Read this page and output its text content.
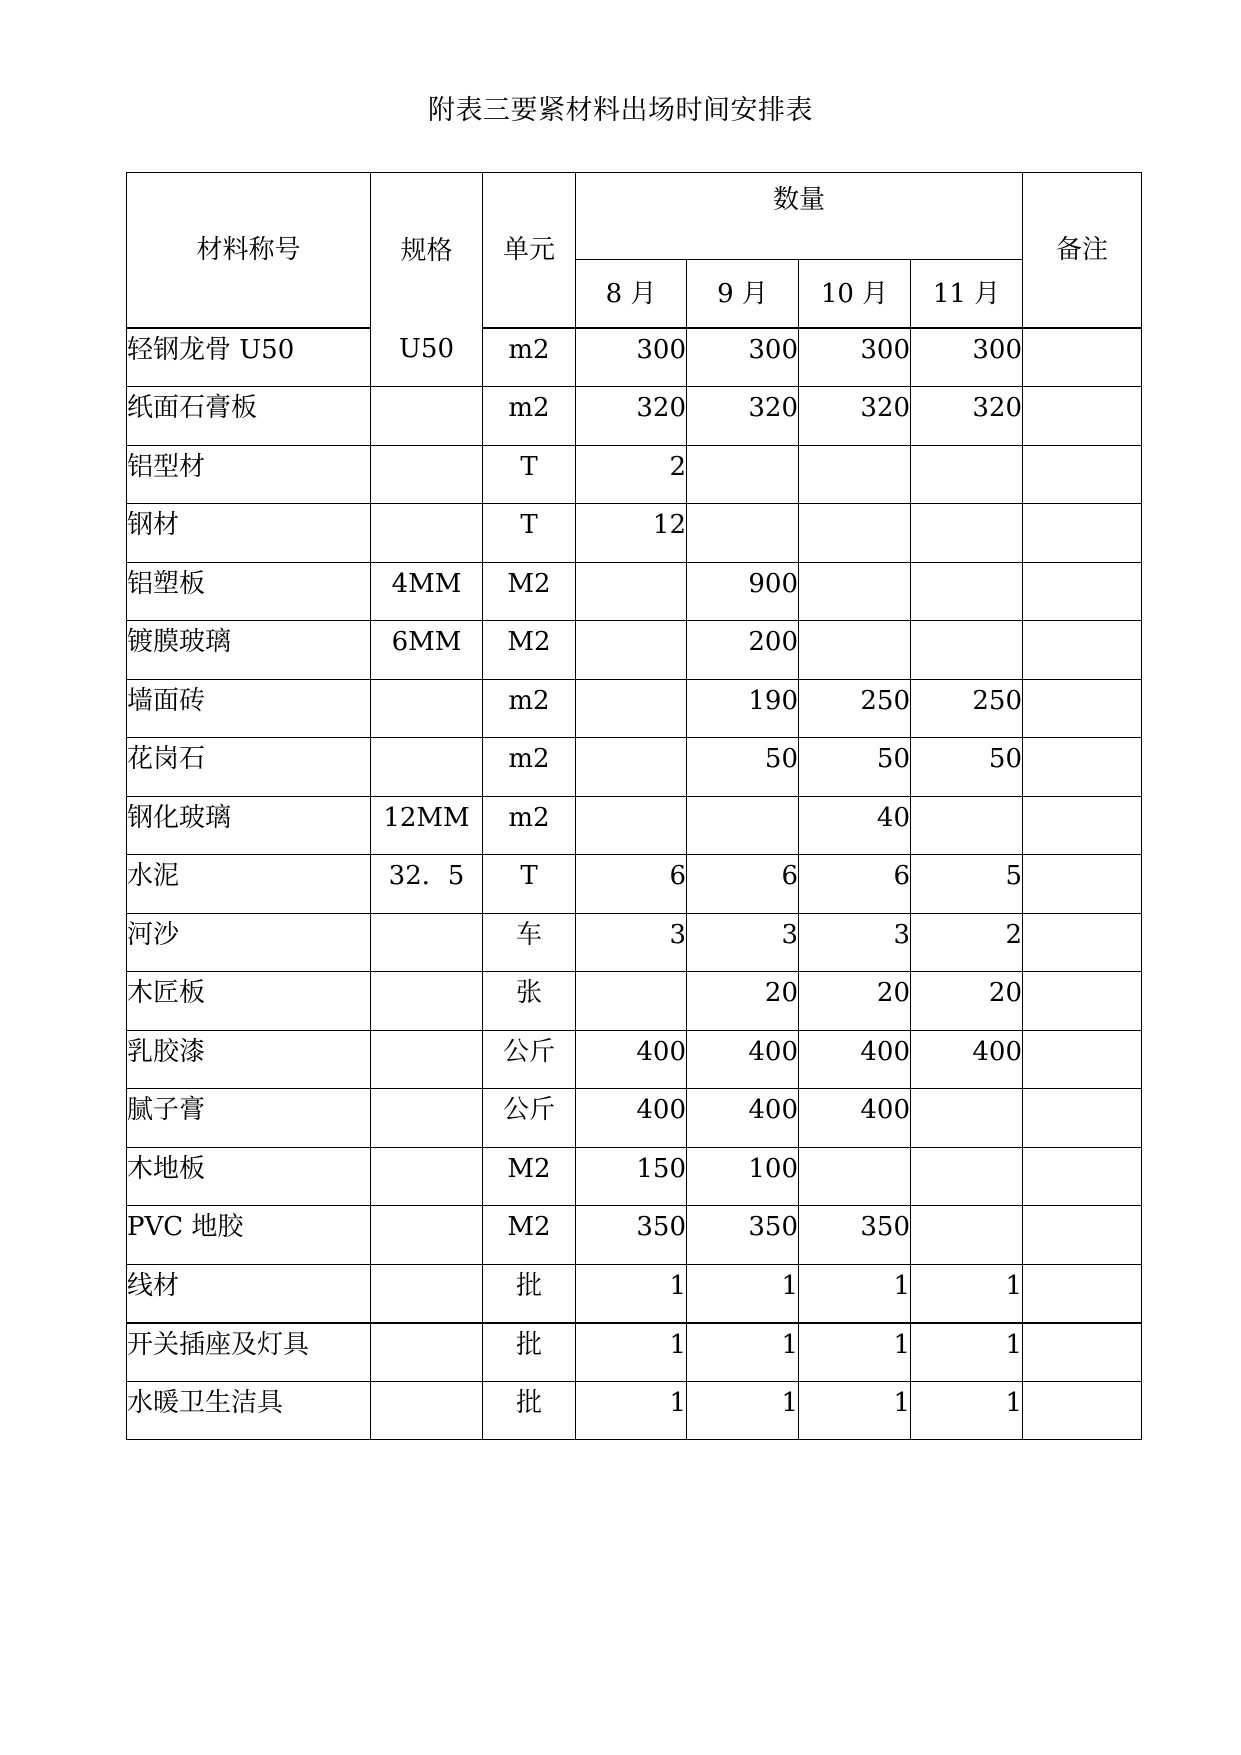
附表三要紧材料出场时间安排表
材料称号	规格	单元	数量				备注
			8 月	9 月	10 月	11 月	
轻钢龙骨 U50	U50	m2	300	300	300	300	
纸面石膏板		m2	320	320	320	320	
铝型材		T	2				
钢材		T	12				
铝塑板	4MM	M2		900			
镀膜玻璃	6MM	M2		200			
墙面砖		m2		190	250	250	
花岗石		m2		50	50	50	
钢化玻璃	12MM	m2			40		
水泥	32．5	T	6	6	6	5	
河沙		车	3	3	3	2	
木匠板		张		20	20	20	
乳胶漆		公斤	400	400	400	400	
腻子膏		公斤	400	400	400		
木地板		M2	150	100			
PVC 地胶		M2	350	350	350		
线材		批	1	1	1	1	
开关插座及灯具		批	1	1	1	1	
水暖卫生洁具		批	1	1	1	1	
